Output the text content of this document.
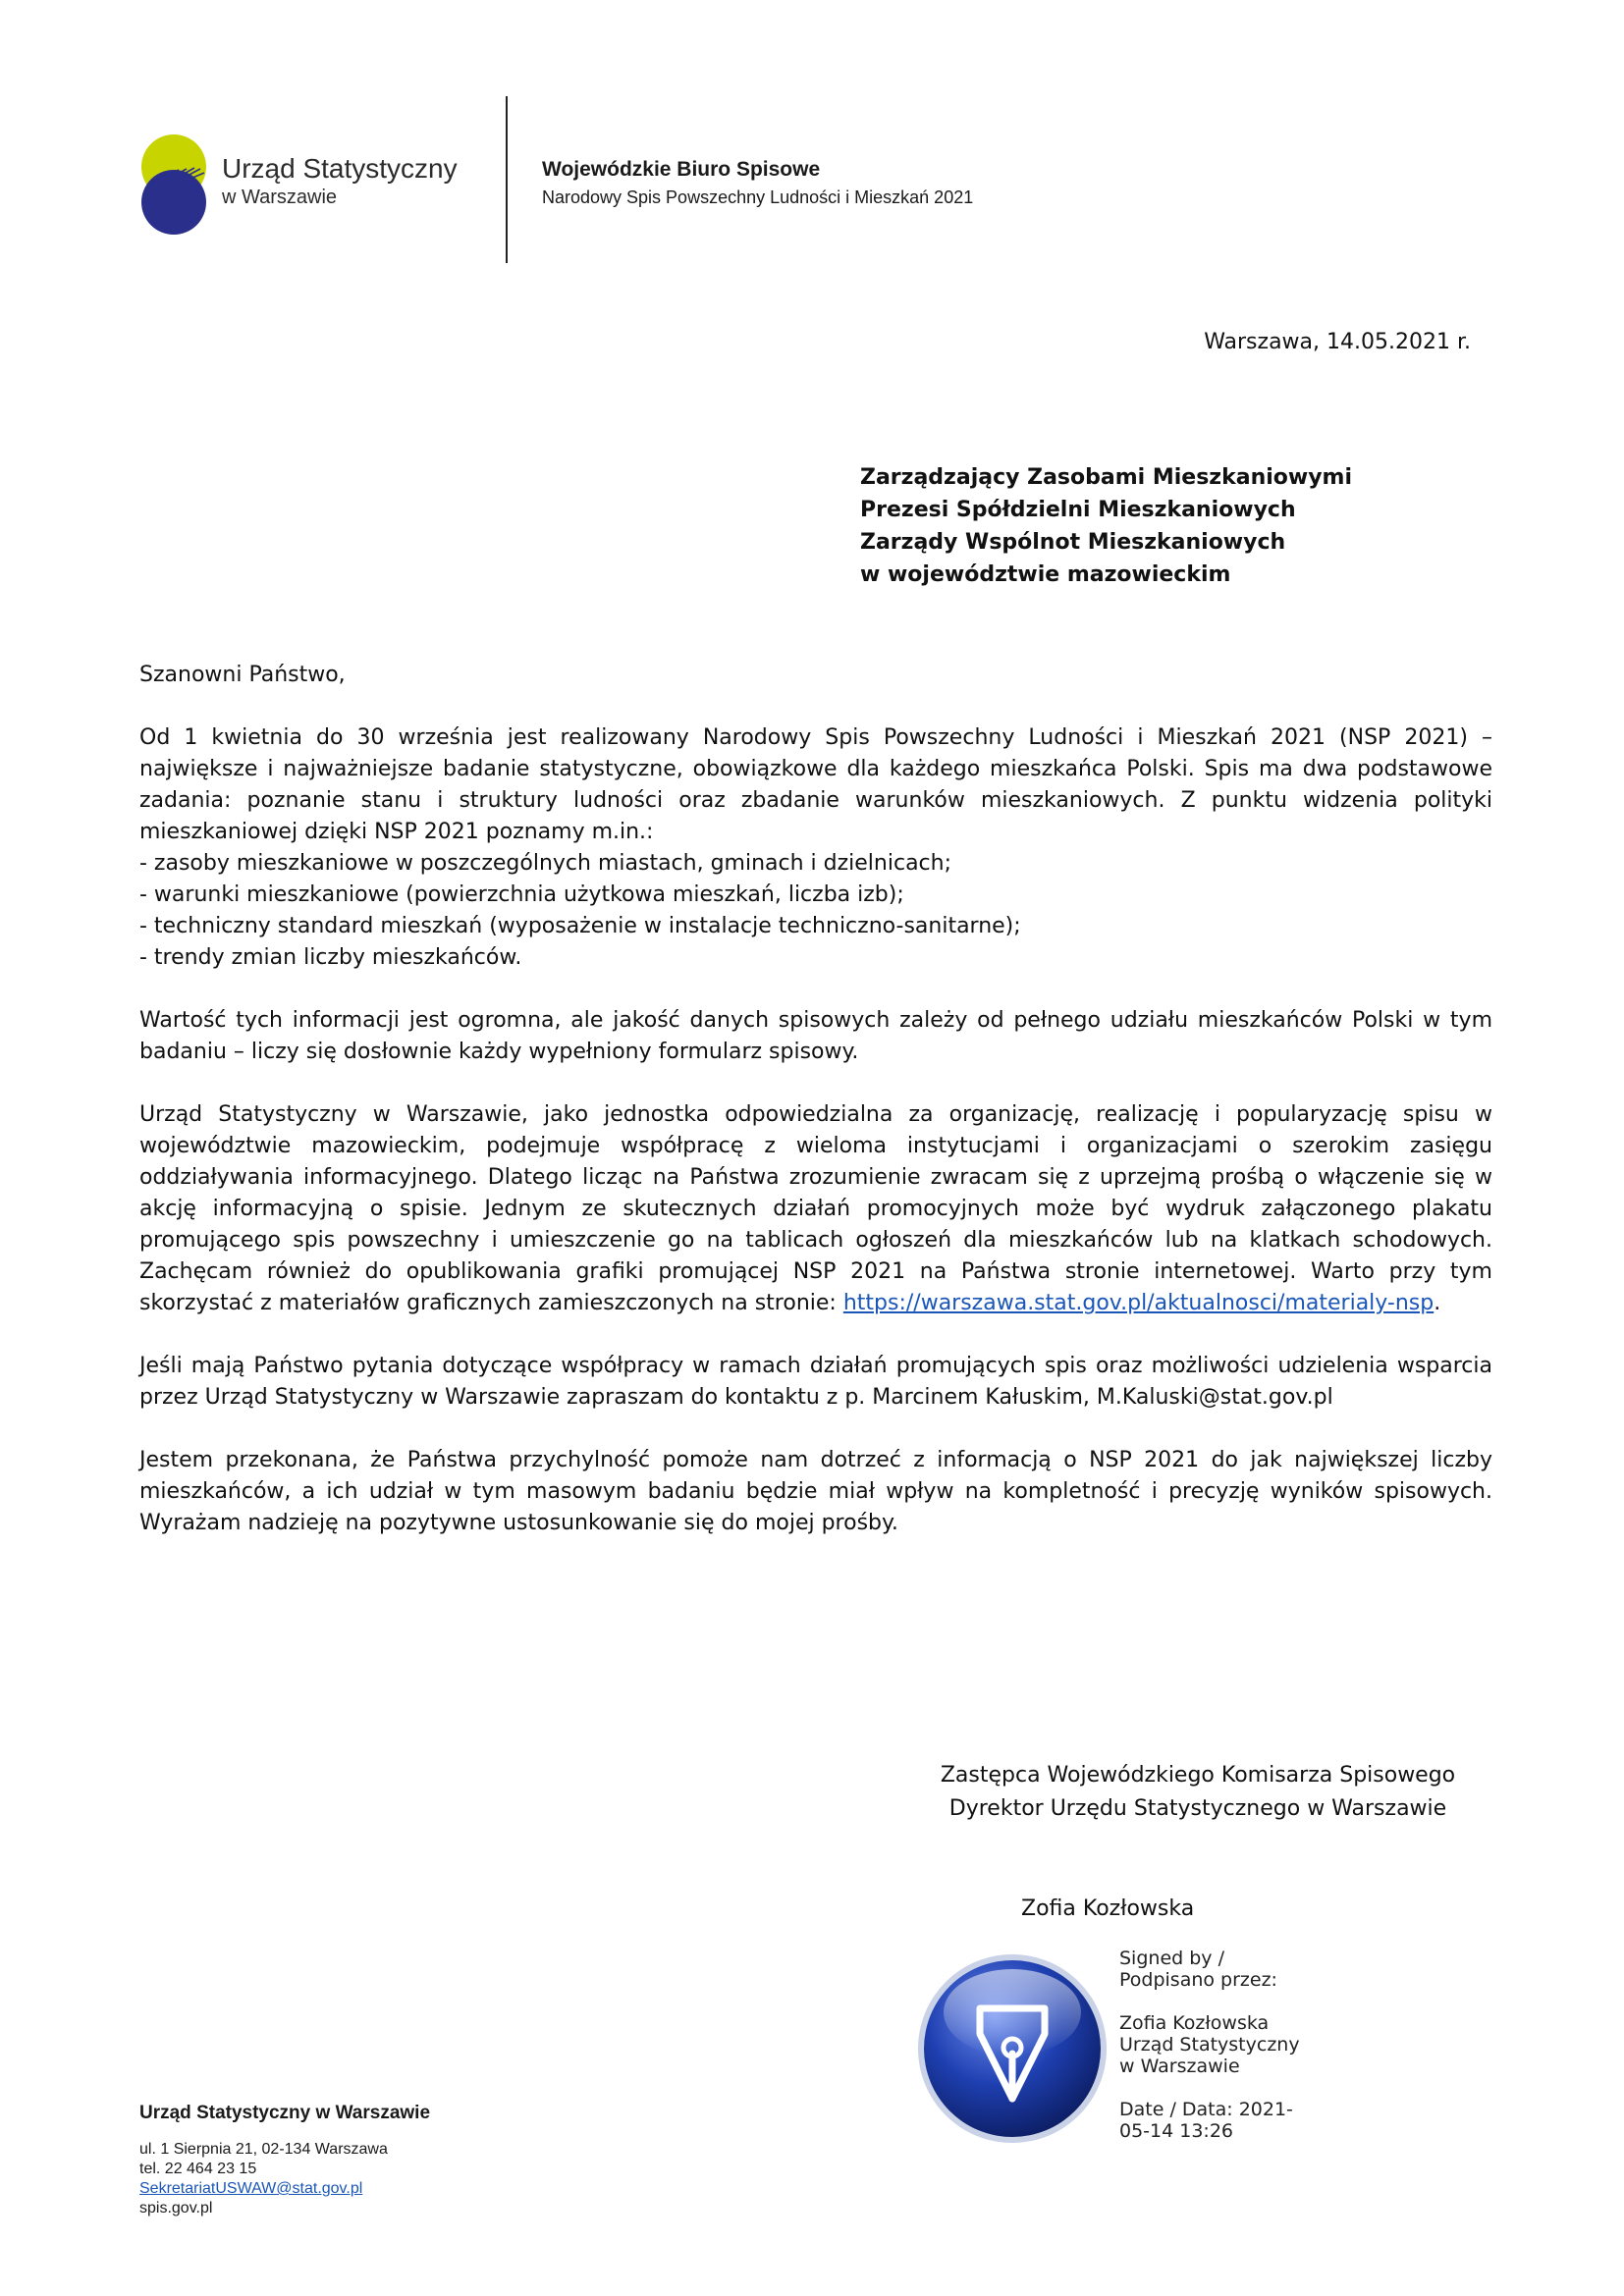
Urząd Statystyczny
w Warszawie
Wojewódzkie Biuro Spisowe
Narodowy Spis Powszechny Ludności i Mieszkań 2021
Warszawa, 14.05.2021 r.
Zarządzający Zasobami Mieszkaniowymi
Prezesi Spółdzielni Mieszkaniowych
Zarządy Wspólnot Mieszkaniowych
w województwie mazowieckim

Szanowni Państwo,

Od 1 kwietnia do 30 września jest realizowany Narodowy Spis Powszechny Ludności i Mieszkań 2021 (NSP 2021) – największe i najważniejsze badanie statystyczne, obowiązkowe dla każdego mieszkańca Polski. Spis ma dwa podstawowe zadania: poznanie stanu i struktury ludności oraz zbadanie warunków mieszkaniowych. Z punktu widzenia polityki mieszkaniowej dzięki NSP 2021 poznamy m.in.:
- zasoby mieszkaniowe w poszczególnych miastach, gminach i dzielnicach;
- warunki mieszkaniowe (powierzchnia użytkowa mieszkań, liczba izb);
- techniczny standard mieszkań (wyposażenie w instalacje techniczno-sanitarne);
- trendy zmian liczby mieszkańców.

Wartość tych informacji jest ogromna, ale jakość danych spisowych zależy od pełnego udziału mieszkańców Polski w tym badaniu – liczy się dosłownie każdy wypełniony formularz spisowy.

Urząd Statystyczny w Warszawie, jako jednostka odpowiedzialna za organizację, realizację i popularyzację spisu w województwie mazowieckim, podejmuje współpracę z wieloma instytucjami i organizacjami o szerokim zasięgu oddziaływania informacyjnego. Dlatego licząc na Państwa zrozumienie zwracam się z uprzejmą prośbą o włączenie się w akcję informacyjną o spisie. Jednym ze skutecznych działań promocyjnych może być wydruk załączonego plakatu promującego spis powszechny i umieszczenie go na tablicach ogłoszeń dla mieszkańców lub na klatkach schodowych. Zachęcam również do opublikowania grafiki promującej NSP 2021 na Państwa stronie internetowej. Warto przy tym skorzystać z materiałów graficznych zamieszczonych na stronie: https://warszawa.stat.gov.pl/aktualnosci/materialy-nsp.

Jeśli mają Państwo pytania dotyczące współpracy w ramach działań promujących spis oraz możliwości udzielenia wsparcia przez Urząd Statystyczny w Warszawie zapraszam do kontaktu z p. Marcinem Kałuskim, M.Kaluski@stat.gov.pl

Jestem przekonana, że Państwa przychylność pomoże nam dotrzeć z informacją o NSP 2021 do jak największej liczby mieszkańców, a ich udział w tym masowym badaniu będzie miał wpływ na kompletność i precyzję wyników spisowych. Wyrażam nadzieję na pozytywne ustosunkowanie się do mojej prośby.

Zastępca Wojewódzkiego Komisarza Spisowego
Dyrektor Urzędu Statystycznego w Warszawie
Zofia Kozłowska
Signed by /
Podpisano przez:
Zofia Kozłowska
Urząd Statystyczny
w Warszawie
Date / Data: 2021-
05-14 13:26
Urząd Statystyczny w Warszawie
ul. 1 Sierpnia 21, 02-134 Warszawa
tel. 22 464 23 15
SekretariatUSWAW@stat.gov.pl
spis.gov.pl
